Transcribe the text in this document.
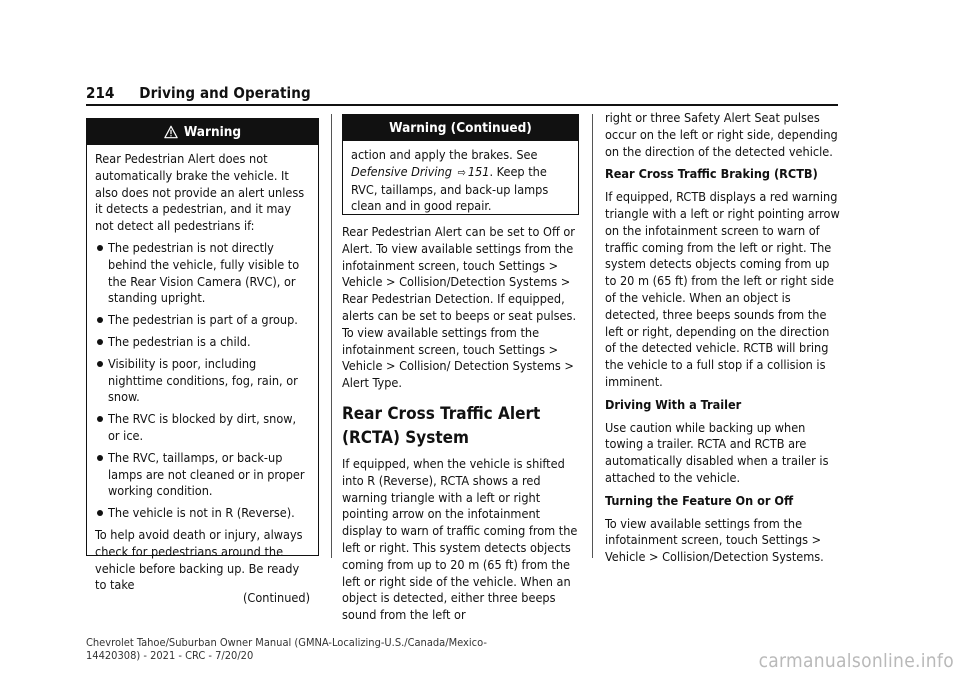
214 Driving and Operating
Warning

Rear Pedestrian Alert does not automatically brake the vehicle. It also does not provide an alert unless it detects a pedestrian, and it may not detect all pedestrians if:

The pedestrian is not directly behind the vehicle, fully visible to the Rear Vision Camera (RVC), or standing upright.
The pedestrian is part of a group.
The pedestrian is a child.
Visibility is poor, including nighttime conditions, fog, rain, or snow.
The RVC is blocked by dirt, snow, or ice.
The RVC, taillamps, or back-up lamps are not cleaned or in proper working condition.
The vehicle is not in R (Reverse).

To help avoid death or injury, always check for pedestrians around the vehicle before backing up. Be ready to take

(Continued)
Warning (Continued)
action and apply the brakes. See Defensive Driving ⇨ 151. Keep the RVC, taillamps, and back-up lamps clean and in good repair.

Rear Pedestrian Alert can be set to Off or Alert. To view available settings from the infotainment screen, touch Settings > Vehicle > Collision/Detection Systems > Rear Pedestrian Detection. If equipped, alerts can be set to beeps or seat pulses. To view available settings from the infotainment screen, touch Settings > Vehicle > Collision/ Detection Systems > Alert Type.

Rear Cross Traffic Alert (RCTA) System

If equipped, when the vehicle is shifted into R (Reverse), RCTA shows a red warning triangle with a left or right pointing arrow on the infotainment display to warn of traffic coming from the left or right. This system detects objects coming from up to 20 m (65 ft) from the left or right side of the vehicle. When an object is detected, either three beeps sound from the left or

right or three Safety Alert Seat pulses occur on the left or right side, depending on the direction of the detected vehicle.

Rear Cross Traffic Braking (RCTB)

If equipped, RCTB displays a red warning triangle with a left or right pointing arrow on the infotainment screen to warn of traffic coming from the left or right. The system detects objects coming from up to 20 m (65 ft) from the left or right side of the vehicle. When an object is detected, three beeps sounds from the left or right, depending on the direction of the detected vehicle. RCTB will bring the vehicle to a full stop if a collision is imminent.

Driving With a Trailer

Use caution while backing up when towing a trailer. RCTA and RCTB are automatically disabled when a trailer is attached to the vehicle.

Turning the Feature On or Off

To view available settings from the infotainment screen, touch Settings > Vehicle > Collision/Detection Systems.

Chevrolet Tahoe/Suburban Owner Manual (GMNA-Localizing-U.S./Canada/Mexico-
14420308) - 2021 - CRC - 7/20/20	carmanualsonline.info
